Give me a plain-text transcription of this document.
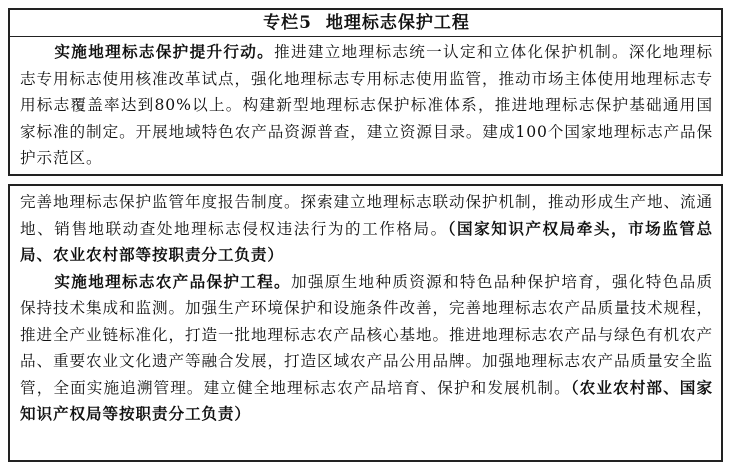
专栏5 地理标志保护工程
实施地理标志保护提升行动。推进建立地理标志统一认定和立体化保护机制。深化地理标志专用标志使用核准改革试点，强化地理标志专用标志使用监管，推动市场主体使用地理标志专用标志覆盖率达到80%以上。构建新型地理标志保护标准体系，推进地理标志保护基础通用国家标准的制定。开展地域特色农产品资源普查，建立资源目录。建成100个国家地理标志产品保护示范区。
完善地理标志保护监管年度报告制度。探索建立地理标志联动保护机制，推动形成生产地、流通地、销售地联动查处地理标志侵权违法行为的工作格局。（国家知识产权局牵头，市场监管总局、农业农村部等按职责分工负责）
实施地理标志农产品保护工程。加强原生地种质资源和特色品种保护培育，强化特色品质保持技术集成和监测。加强生产环境保护和设施条件改善，完善地理标志农产品质量技术规程，推进全产业链标准化，打造一批地理标志农产品核心基地。推进地理标志农产品与绿色有机农产品、重要农业文化遗产等融合发展，打造区域农产品公用品牌。加强地理标志农产品质量安全监管，全面实施追溯管理。建立健全地理标志农产品培育、保护和发展机制。（农业农村部、国家知识产权局等按职责分工负责）
